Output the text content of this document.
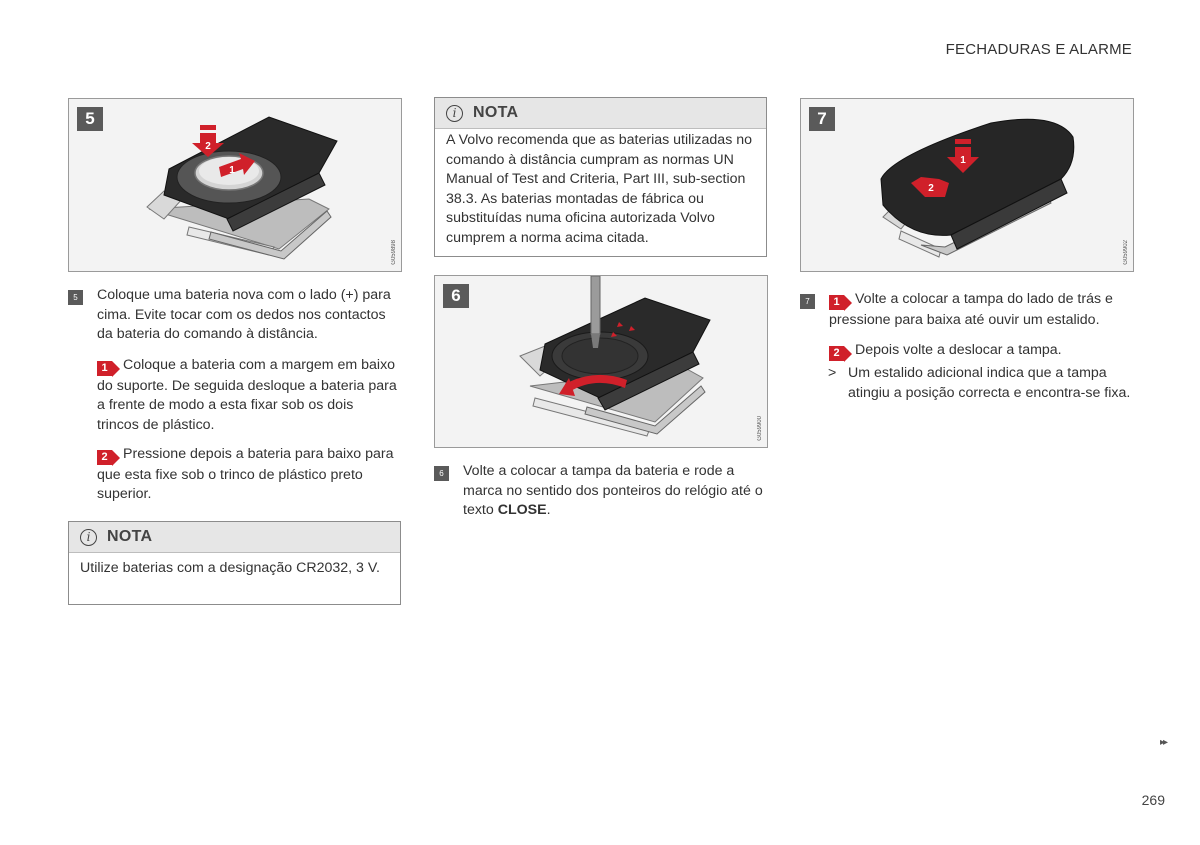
FECHADURAS E ALARME
2
1
5
G059898
5	Coloque uma bateria nova com o lado (+) para cima. Evite tocar com os dedos nos contactos da bateria do comando à distância.
1	Coloque a bateria com a margem em baixo do suporte. De seguida desloque a bateria para a frente de modo a esta fixar sob os dois trincos de plástico.
2	Pressione depois a bateria para baixo para que esta fixe sob o trinco de plástico preto superior.
i	NOTA
Utilize baterias com a designação CR2032, 3 V.
i	NOTA
A Volvo recomenda que as baterias utilizadas no comando à distância cumpram as normas UN Manual of Test and Criteria, Part III, sub-section 38.3. As baterias montadas de fábrica ou substituídas numa oficina autorizada Volvo cumprem a norma acima citada.
6
G059900
6	Volte a colocar a tampa da bateria e rode a marca no sentido dos ponteiros do relógio até o texto CLOSE.
1
2
7
G059902
7	1	Volte a colocar a tampa do lado de trás e pressione para baixa até ouvir um estalido.
2	Depois volte a deslocar a tampa.
> Um estalido adicional indica que a tampa atingiu a posição correcta e encontra-se fixa.
▸▸
269
